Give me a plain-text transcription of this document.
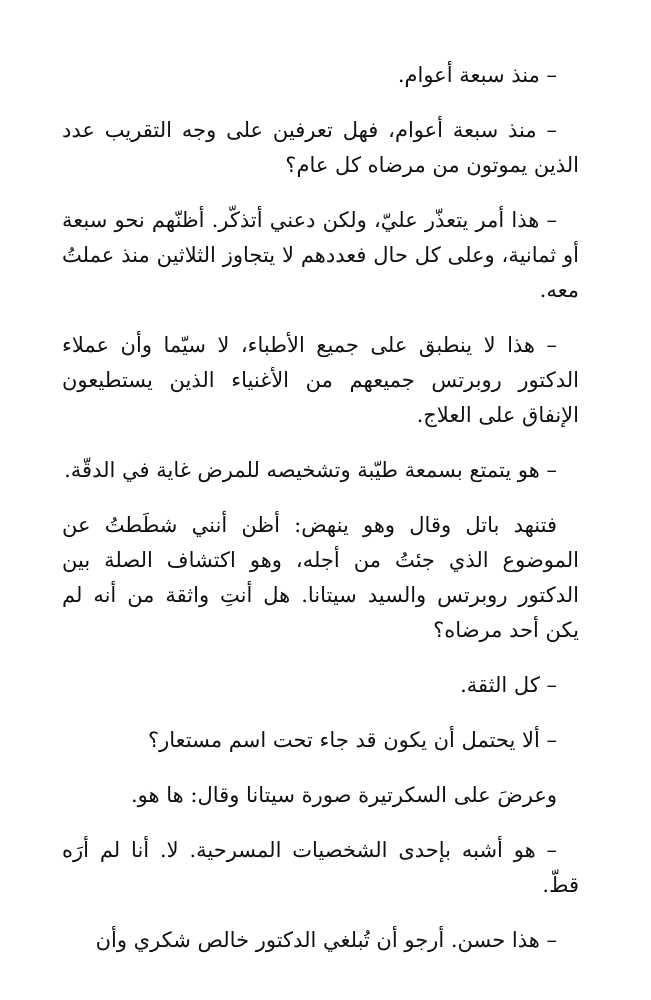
– منذ سبعة أعوام.

– منذ سبعة أعوام، فهل تعرفين على وجه التقريب عدد الذين يموتون من مرضاه كل عام؟

– هذا أمر يتعذّر عليّ، ولكن دعني أتذكّر. أظنّهم نحو سبعة أو ثمانية، وعلى كل حال فعددهم لا يتجاوز الثلاثين منذ عملتُ معه.

– هذا لا ينطبق على جميع الأطباء، لا سيّما وأن عملاء الدكتور روبرتس جميعهم من الأغنياء الذين يستطيعون الإنفاق على العلاج.

– هو يتمتع بسمعة طيّبة وتشخيصه للمرض غاية في الدقّة.

فتنهد باتل وقال وهو ينهض: أظن أنني شطَطتُ عن الموضوع الذي جئتُ من أجله، وهو اكتشاف الصلة بين الدكتور روبرتس والسيد سيتانا. هل أنتِ واثقة من أنه لم يكن أحد مرضاه؟

– كل الثقة.

– ألا يحتمل أن يكون قد جاء تحت اسم مستعار؟

وعرضَ على السكرتيرة صورة سيتانا وقال: ها هو.

– هو أشبه بإحدى الشخصيات المسرحية. لا. أنا لم أرَه قطّ.

– هذا حسن. أرجو أن تُبلغي الدكتور خالص شكري وأن
